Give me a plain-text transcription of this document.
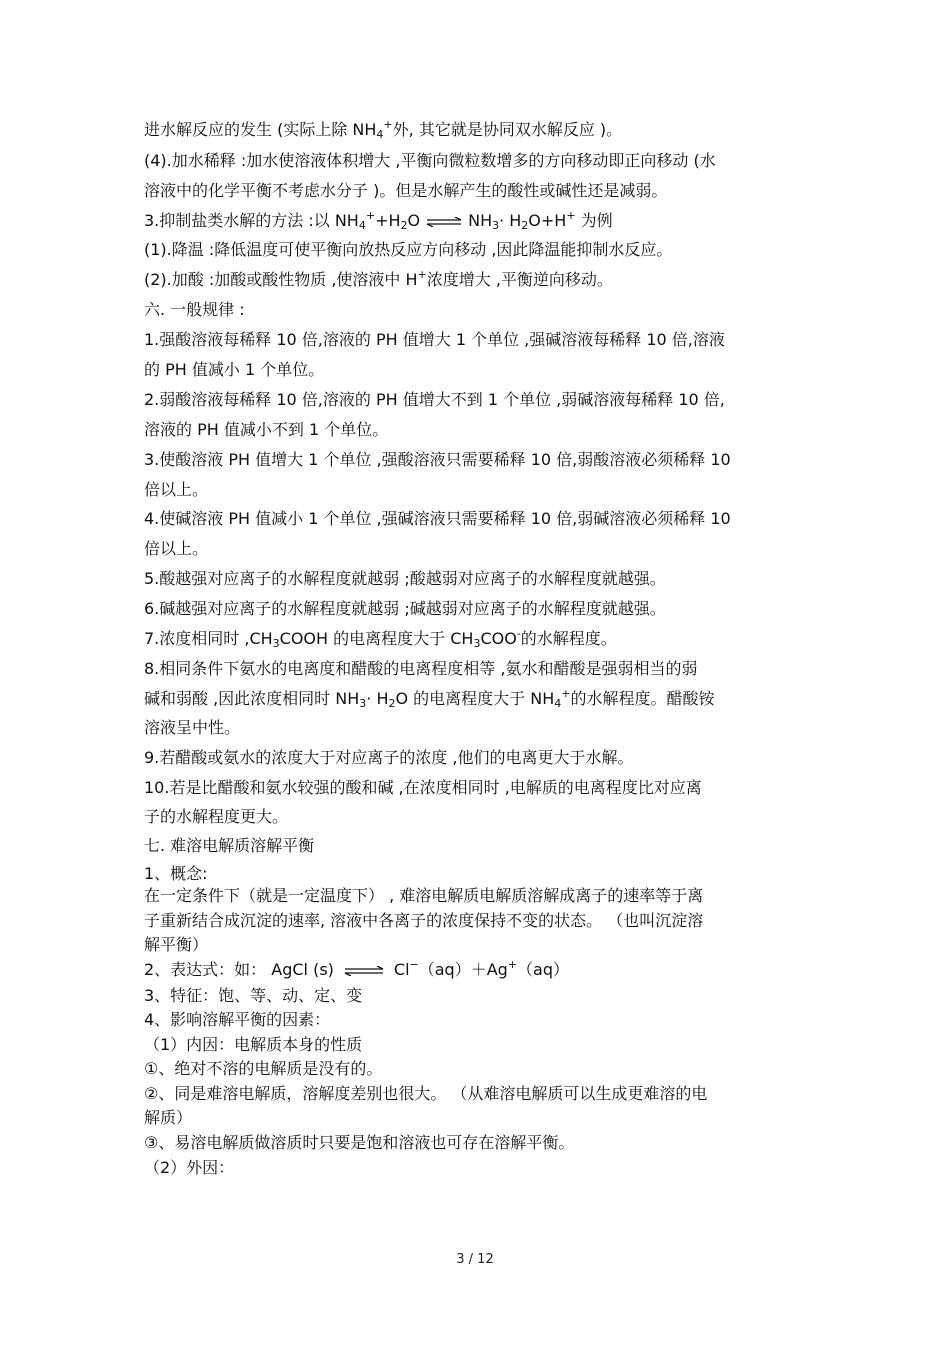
进水解反应的发生 (实际上除 $NH_4^+$外, 其它就是协同双水解反应 )。
(4).加水稀释 :加水使溶液体积增大 ,平衡向微粒数增多的方向移动即正向移动 (水
溶液中的化学平衡不考虑水分子 )。但是水解产生的酸性或碱性还是减弱。
3.抑制盐类水解的方法 :以 $NH_4^++H_2O$ ⇌ $NH_3\cdot H_2O+H^+$ 为例
(1).降温 :降低温度可使平衡向放热反应方向移动 ,因此降温能抑制水反应。
(2).加酸 :加酸或酸性物质 ,使溶液中 H+浓度增大 ,平衡逆向移动。
六. 一般规律 :
1.强酸溶液每稀释 10 倍,溶液的 PH 值增大 1 个单位 ,强碱溶液每稀释 10 倍,溶液
的 PH 值减小 1 个单位。
2.弱酸溶液每稀释 10 倍,溶液的 PH 值增大不到 1 个单位 ,弱碱溶液每稀释 10 倍,
溶液的 PH 值减小不到 1 个单位。
3.使酸溶液 PH 值增大 1 个单位 ,强酸溶液只需要稀释 10 倍,弱酸溶液必须稀释 10
倍以上。
4.使碱溶液 PH 值减小 1 个单位 ,强碱溶液只需要稀释 10 倍,弱碱溶液必须稀释 10
倍以上。
5.酸越强对应离子的水解程度就越弱 ;酸越弱对应离子的水解程度就越强。
6.碱越强对应离子的水解程度就越弱 ;碱越弱对应离子的水解程度就越强。
7.浓度相同时 $,CH_3COOH$ 的电离程度大于 $CH_3COO^-$的水解程度。
8.相同条件下氨水的电离度和醋酸的电离程度相等 ,氨水和醋酸是强弱相当的弱
碱和弱酸 ,因此浓度相同时 $NH_3\cdot H_2O$ 的电离程度大于 $NH_4^+$的水解程度。醋酸铵
溶液呈中性。
9.若醋酸或氨水的浓度大于对应离子的浓度 ,他们的电离更大于水解。
10.若是比醋酸和氨水较强的酸和碱 ,在浓度相同时 ,电解质的电离程度比对应离
子的水解程度更大。
七. 难溶电解质溶解平衡
1、概念:
在一定条件下（就是一定温度下） , 难溶电解质电解质溶解成离子的速率等于离
子重新结合成沉淀的速率, 溶液中各离子的浓度保持不变的状态。 （也叫沉淀溶
解平衡）
2、表达式：如： AgCl (s) ⇌ Cl−（aq）＋Ag+（aq）
3、特征：饱、等、动、定、变
4、影响溶解平衡的因素：
（1）内因：电解质本身的性质
①、绝对不溶的电解质是没有的。
②、同是难溶电解质，溶解度差别也很大。 （从难溶电解质可以生成更难溶的电
解质）
③、易溶电解质做溶质时只要是饱和溶液也可存在溶解平衡。
（2）外因：
3 / 12
